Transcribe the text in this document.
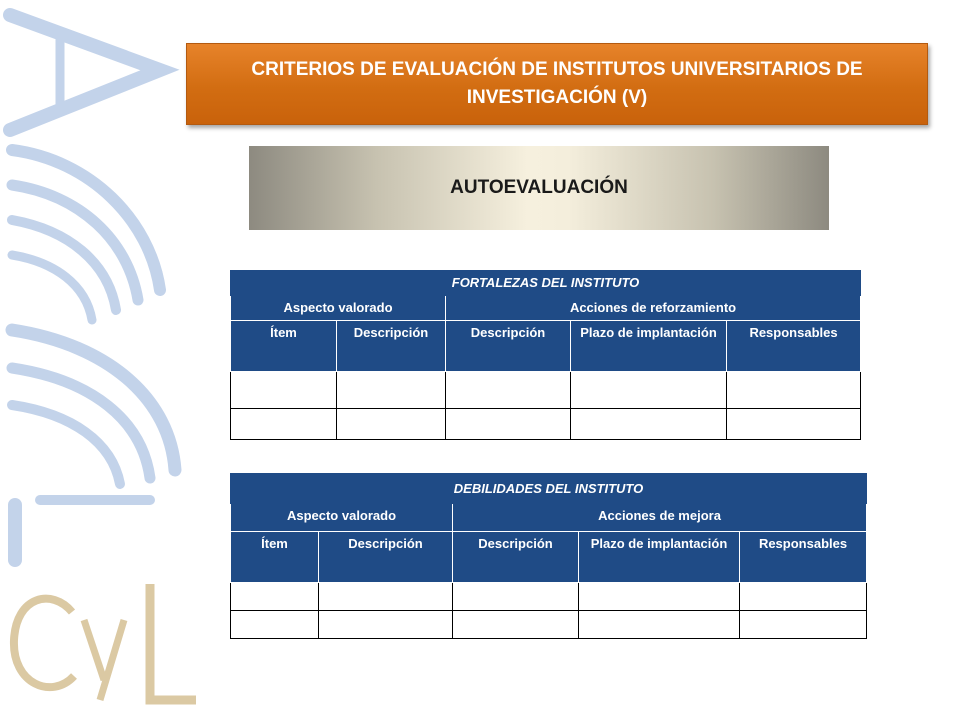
CRITERIOS DE EVALUACIÓN DE INSTITUTOS UNIVERSITARIOS DE INVESTIGACIÓN (V)
AUTOEVALUACIÓN
FORTALEZAS DEL INSTITUTO				
Aspecto valorado		Acciones de reforzamiento		
Ítem	Descripción	Descripción	Plazo de implantación	Responsables

DEBILIDADES DEL INSTITUTO				
Aspecto valorado		Acciones de mejora		
Ítem	Descripción	Descripción	Plazo de implantación	Responsables
